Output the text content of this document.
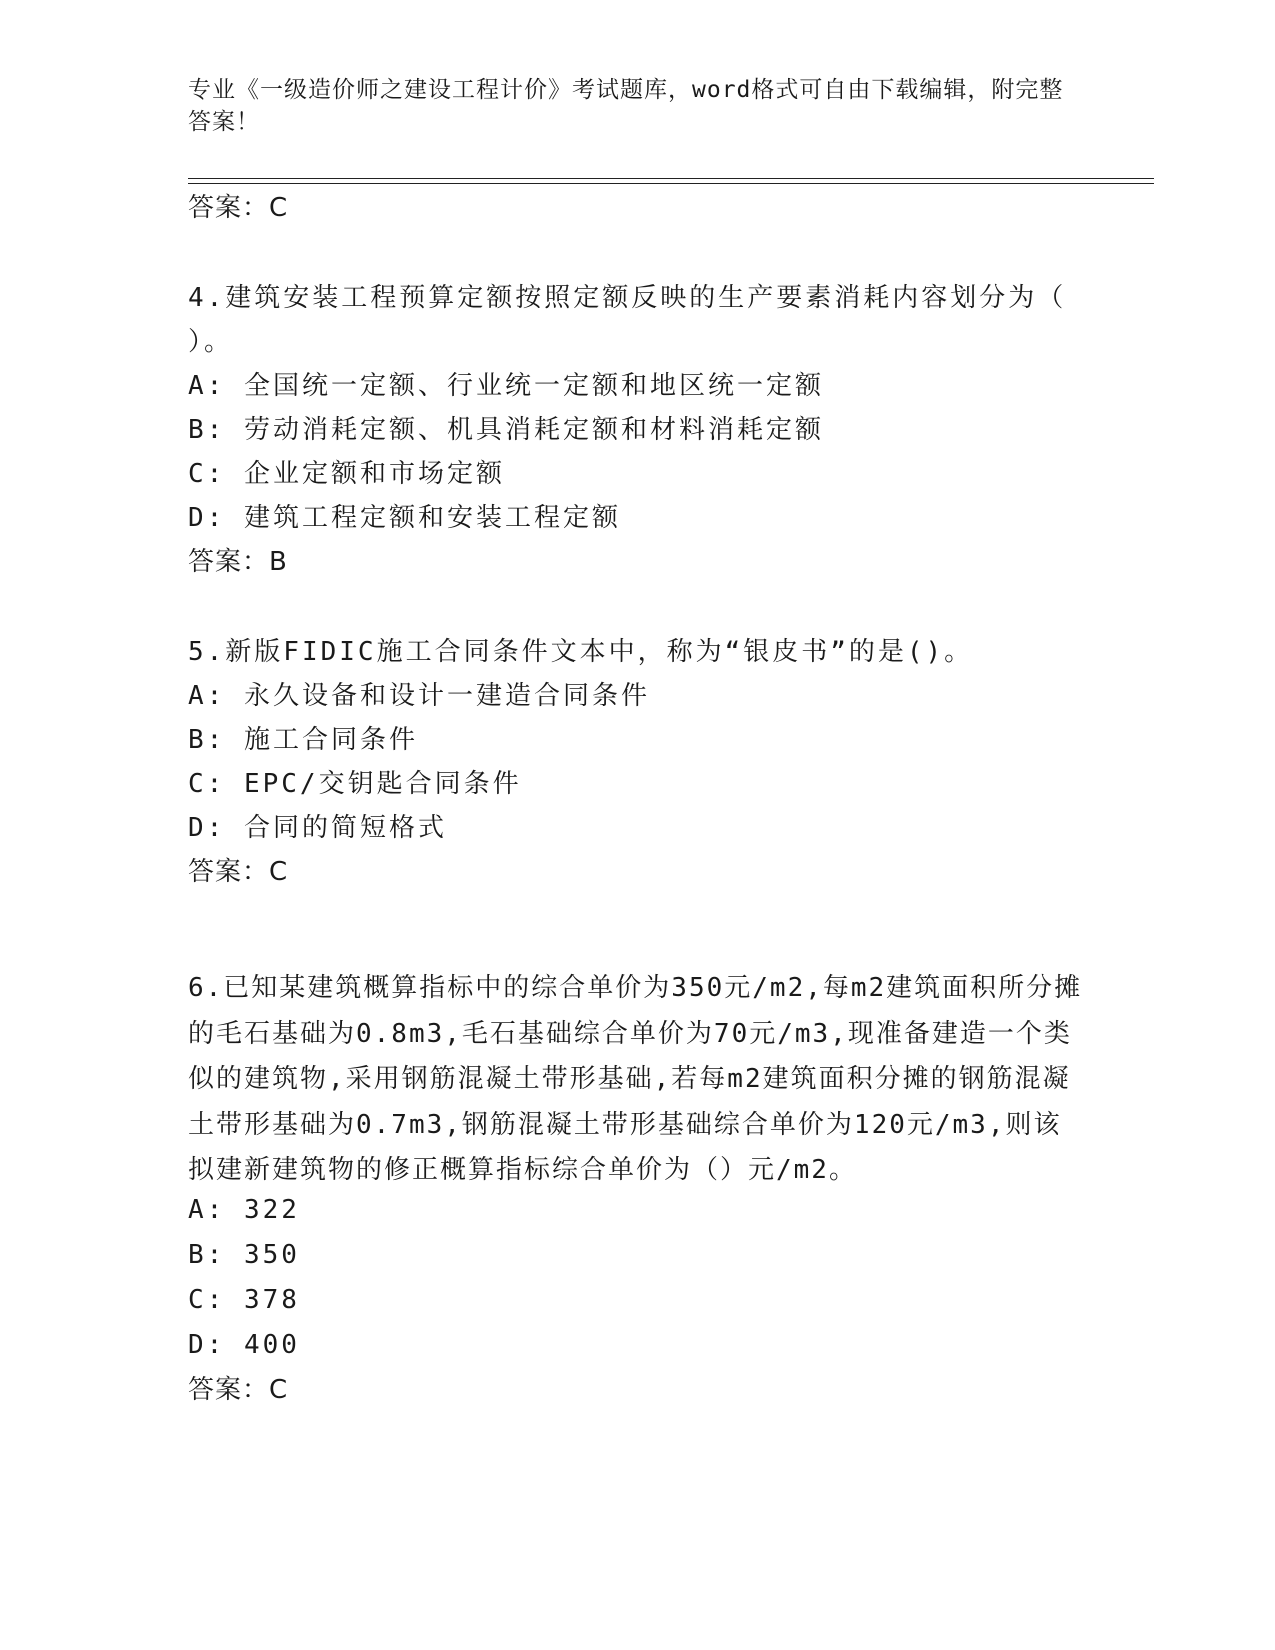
专业《一级造价师之建设工程计价》考试题库，word格式可自由下载编辑，附完整答案！
答案：C
4.建筑安装工程预算定额按照定额反映的生产要素消耗内容划分为（
）。
A: 全国统一定额、行业统一定额和地区统一定额
B: 劳动消耗定额、机具消耗定额和材料消耗定额
C: 企业定额和市场定额
D: 建筑工程定额和安装工程定额
答案：B
5.新版FIDIC施工合同条件文本中，称为“银皮书”的是()。
A: 永久设备和设计一建造合同条件
B: 施工合同条件
C: EPC/交钥匙合同条件
D: 合同的简短格式
答案：C
6.已知某建筑概算指标中的综合单价为350元/m2,每m2建筑面积所分摊的毛石基础为0.8m3,毛石基础综合单价为70元/m3,现准备建造一个类似的建筑物,采用钢筋混凝土带形基础,若每m2建筑面积分摊的钢筋混凝土带形基础为0.7m3,钢筋混凝土带形基础综合单价为120元/m3,则该拟建新建筑物的修正概算指标综合单价为（）元/m2。
A: 322
B: 350
C: 378
D: 400
答案：C
